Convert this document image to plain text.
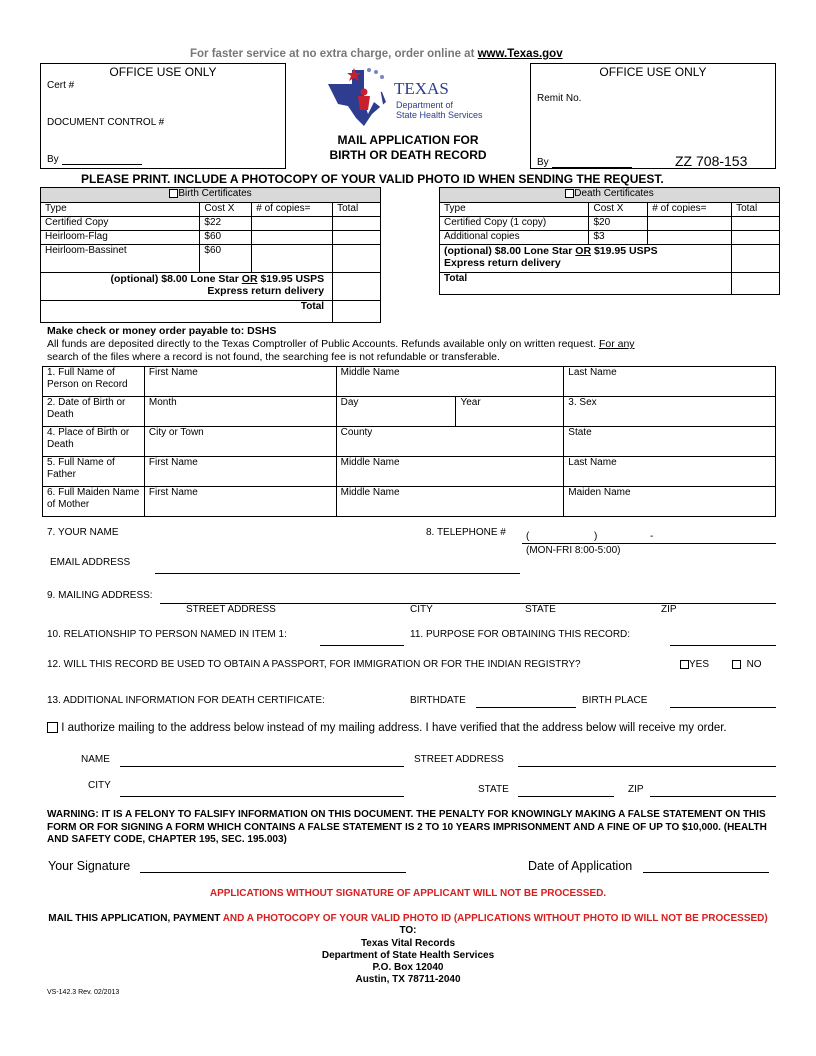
For faster service at no extra charge, order online at www.Texas.gov
OFFICE USE ONLY
Cert #
DOCUMENT CONTROL #
By
TEXAS
Department of
State Health Services
MAIL APPLICATION FOR
BIRTH OR DEATH RECORD
OFFICE USE ONLY
Remit No.
By	ZZ 708-153
PLEASE PRINT. INCLUDE A PHOTOCOPY OF YOUR VALID PHOTO ID WHEN SENDING THE REQUEST.
Birth Certificates			
Type	Cost X	# of copies=	Total
Certified Copy	$22		
Heirloom-Flag	$60		
Heirloom-Bassinet	$60		
(optional) $8.00 Lone Star OR $19.95 USPS
Express return delivery			
Total			
Death Certificates			
Type	Cost X	# of copies=	Total
Certified Copy (1 copy)	$20		
Additional copies	$3		
(optional) $8.00 Lone Star OR $19.95 USPS
Express return delivery			
Total			
Make check or money order payable to: DSHS
All funds are deposited directly to the Texas Comptroller of Public Accounts. Refunds available only on written request. For any
search of the files where a record is not found, the searching fee is not refundable or transferable.
1. Full Name of Person on Record	First Name	Middle Name		Last Name
2. Date of Birth or Death	Month	Day	Year	3. Sex
4. Place of Birth or Death	City or Town	County		State
5. Full Name of Father	First Name	Middle Name		Last Name
6. Full Maiden Name of Mother	First Name	Middle Name		Maiden Name
7. YOUR NAME	8. TELEPHONE # (	)	-
(MON-FRI 8:00-5:00)
EMAIL ADDRESS
9. MAILING ADDRESS:
STREET ADDRESS	CITY	STATE	ZIP
10. RELATIONSHIP TO PERSON NAMED IN ITEM 1:	11. PURPOSE FOR OBTAINING THIS RECORD:
12. WILL THIS RECORD BE USED TO OBTAIN A PASSPORT, FOR IMMIGRATION OR FOR THE INDIAN REGISTRY?	YES	NO
13. ADDITIONAL INFORMATION FOR DEATH CERTIFICATE:	BIRTHDATE	BIRTH PLACE
I authorize mailing to the address below instead of my mailing address. I have verified that the address below will receive my order.
NAME	STREET ADDRESS
CITY	STATE	ZIP
WARNING: IT IS A FELONY TO FALSIFY INFORMATION ON THIS DOCUMENT. THE PENALTY FOR KNOWINGLY MAKING A FALSE STATEMENT ON THIS FORM OR FOR SIGNING A FORM WHICH CONTAINS A FALSE STATEMENT IS 2 TO 10 YEARS IMPRISONMENT AND A FINE OF UP TO $10,000. (HEALTH AND SAFETY CODE, CHAPTER 195, SEC. 195.003)
Your Signature	Date of Application
APPLICATIONS WITHOUT SIGNATURE OF APPLICANT WILL NOT BE PROCESSED.
MAIL THIS APPLICATION, PAYMENT AND A PHOTOCOPY OF YOUR VALID PHOTO ID (APPLICATIONS WITHOUT PHOTO ID WILL NOT BE PROCESSED) TO:
Texas Vital Records
Department of State Health Services
P.O. Box 12040
Austin, TX 78711-2040
VS-142.3 Rev. 02/2013
